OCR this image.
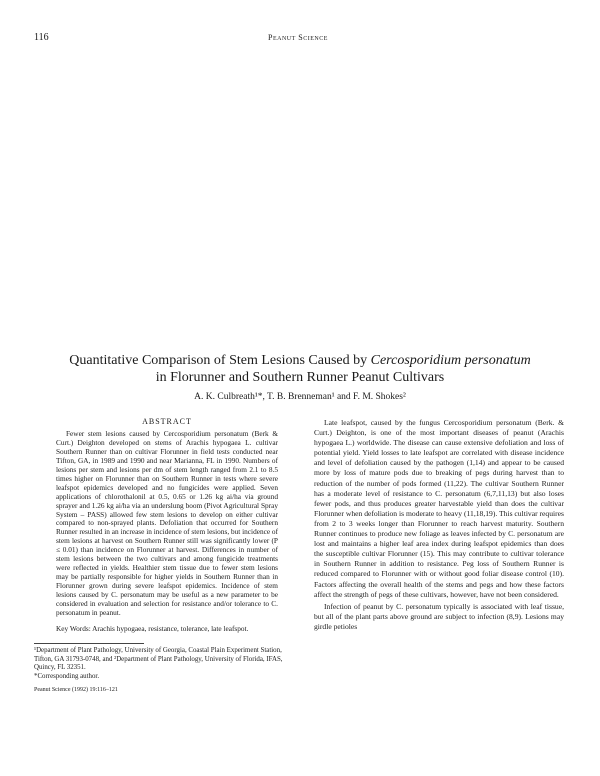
116	Peanut Science
Quantitative Comparison of Stem Lesions Caused by Cercosporidium personatum
in Florunner and Southern Runner Peanut Cultivars
A. K. Culbreath¹*, T. B. Brenneman¹ and F. M. Shokes²
ABSTRACT

Fewer stem lesions caused by Cercosporidium personatum (Berk & Curt.) Deighton developed on stems of Arachis hypogaea L. cultivar Southern Runner than on cultivar Florunner in field tests conducted near Tifton, GA, in 1989 and 1990 and near Marianna, FL in 1990. Numbers of lesions per stem and lesions per dm of stem length ranged from 2.1 to 8.5 times higher on Florunner than on Southern Runner in tests where severe leafspot epidemics developed and no fungicides were applied. Seven applications of chlorothalonil at 0.5, 0.65 or 1.26 kg ai/ha via ground sprayer and 1.26 kg ai/ha via an underslung boom (Pivot Agricultural Spray System – PASS) allowed few stem lesions to develop on either cultivar compared to non-sprayed plants. Defoliation that occurred for Southern Runner resulted in an increase in incidence of stem lesions, but incidence of stem lesions at harvest on Southern Runner still was significantly lower (P ≤ 0.01) than incidence on Florunner at harvest. Differences in number of stem lesions between the two cultivars and among fungicide treatments were reflected in yields. Healthier stem tissue due to fewer stem lesions may be partially responsible for higher yields in Southern Runner than in Florunner grown during severe leafspot epidemics. Incidence of stem lesions caused by C. personatum may be useful as a new parameter to be considered in evaluation and selection for resistance and/or tolerance to C. personatum in peanut.

Key Words: Arachis hypogaea, resistance, tolerance, late leafspot.
¹Department of Plant Pathology, University of Georgia, Coastal Plain Experiment Station, Tifton, GA 31793-0748, and ²Department of Plant Pathology, University of Florida, IFAS, Quincy, FL 32351.
*Corresponding author.
Peanut Science (1992) 19:116–121

Late leafspot, caused by the fungus Cercosporidium personatum (Berk. & Curt.) Deighton, is one of the most important diseases of peanut (Arachis hypogaea L.) worldwide. The disease can cause extensive defoliation and loss of potential yield. Yield losses to late leafspot are correlated with disease incidence and level of defoliation caused by the pathogen (1,14) and appear to be caused more by loss of mature pods due to breaking of pegs during harvest than to reduction of the number of pods formed (11,22). The cultivar Southern Runner has a moderate level of resistance to C. personatum (6,7,11,13) but also loses fewer pods, and thus produces greater harvestable yield than does the cultivar Florunner when defoliation is moderate to heavy (11,18,19). This cultivar requires from 2 to 3 weeks longer than Florunner to reach harvest maturity. Southern Runner continues to produce new foliage as leaves infected by C. personatum are lost and maintains a higher leaf area index during leafspot epidemics than does the susceptible cultivar Florunner (15). This may contribute to cultivar tolerance in Southern Runner in addition to resistance. Peg loss of Southern Runner is reduced compared to Florunner with or without good foliar disease control (10). Factors affecting the overall health of the stems and pegs and how these factors affect the strength of pegs of these cultivars, however, have not been considered.

Infection of peanut by C. personatum typically is associated with leaf tissue, but all of the plant parts above ground are subject to infection (8,9). Lesions may girdle petioles
